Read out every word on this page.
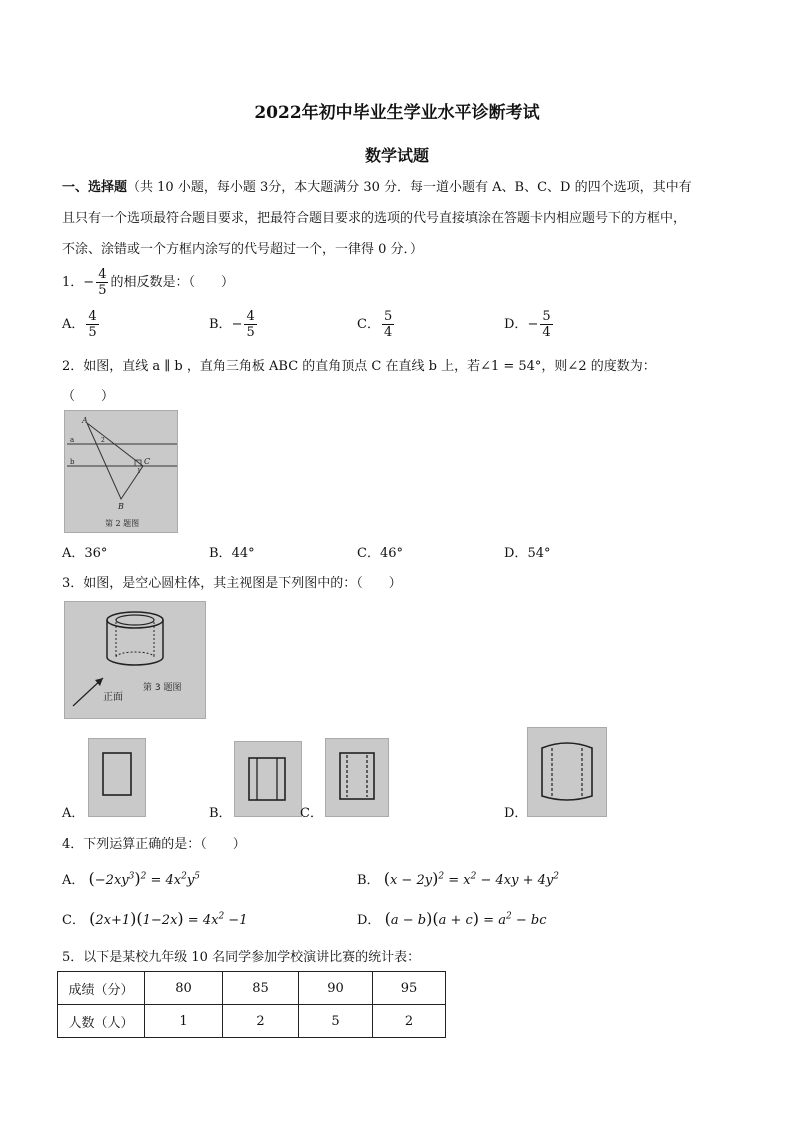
2022年初中毕业生学业水平诊断考试
数学试题
一、选择题（共 10 小题，每小题 3分，本大题满分 30 分．每一道小题有 A、B、C、D 的四个选项，其中有
且只有一个选项最符合题目要求，把最符合题目要求的选项的代号直接填涂在答题卡内相应题号下的方框中，
不涂、涂错或一个方框内涂写的代号超过一个，一律得 0 分．）
1．− $\frac{4}{5}$ 的相反数是：（　　）
A． $\frac{4}{5}$	B．− $\frac{4}{5}$	C． $\frac{5}{4}$	D．− $\frac{5}{4}$
2．如图，直线 a ∥ b ，直角三角板 ABC 的直角顶点 C 在直线 b 上，若∠1 = 54°，则∠2 的度数为：
（　　）
A
a
b	C
B
2
1
第 2 题图
A．36°	B．44°	C．46°	D．54°
3．如图，是空心圆柱体，其主视图是下列图中的：（　　）
正面
第 3 题图
A．	B．	C．	D．
4．下列运算正确的是：（　　）
A． $(-2xy^3)^2 = 4x^2y^5$	B． $(x - 2y)^2 = x^2 - 4xy + 4y^2$
C． $(2x+1)(1-2x) = 4x^2 -1$	D． $(a - b)(a + c) = a^2$ − bc
5．以下是某校九年级 10 名同学参加学校演讲比赛的统计表：
成绩（分）	80	85	90	95
人数（人）	1	2	5	2
